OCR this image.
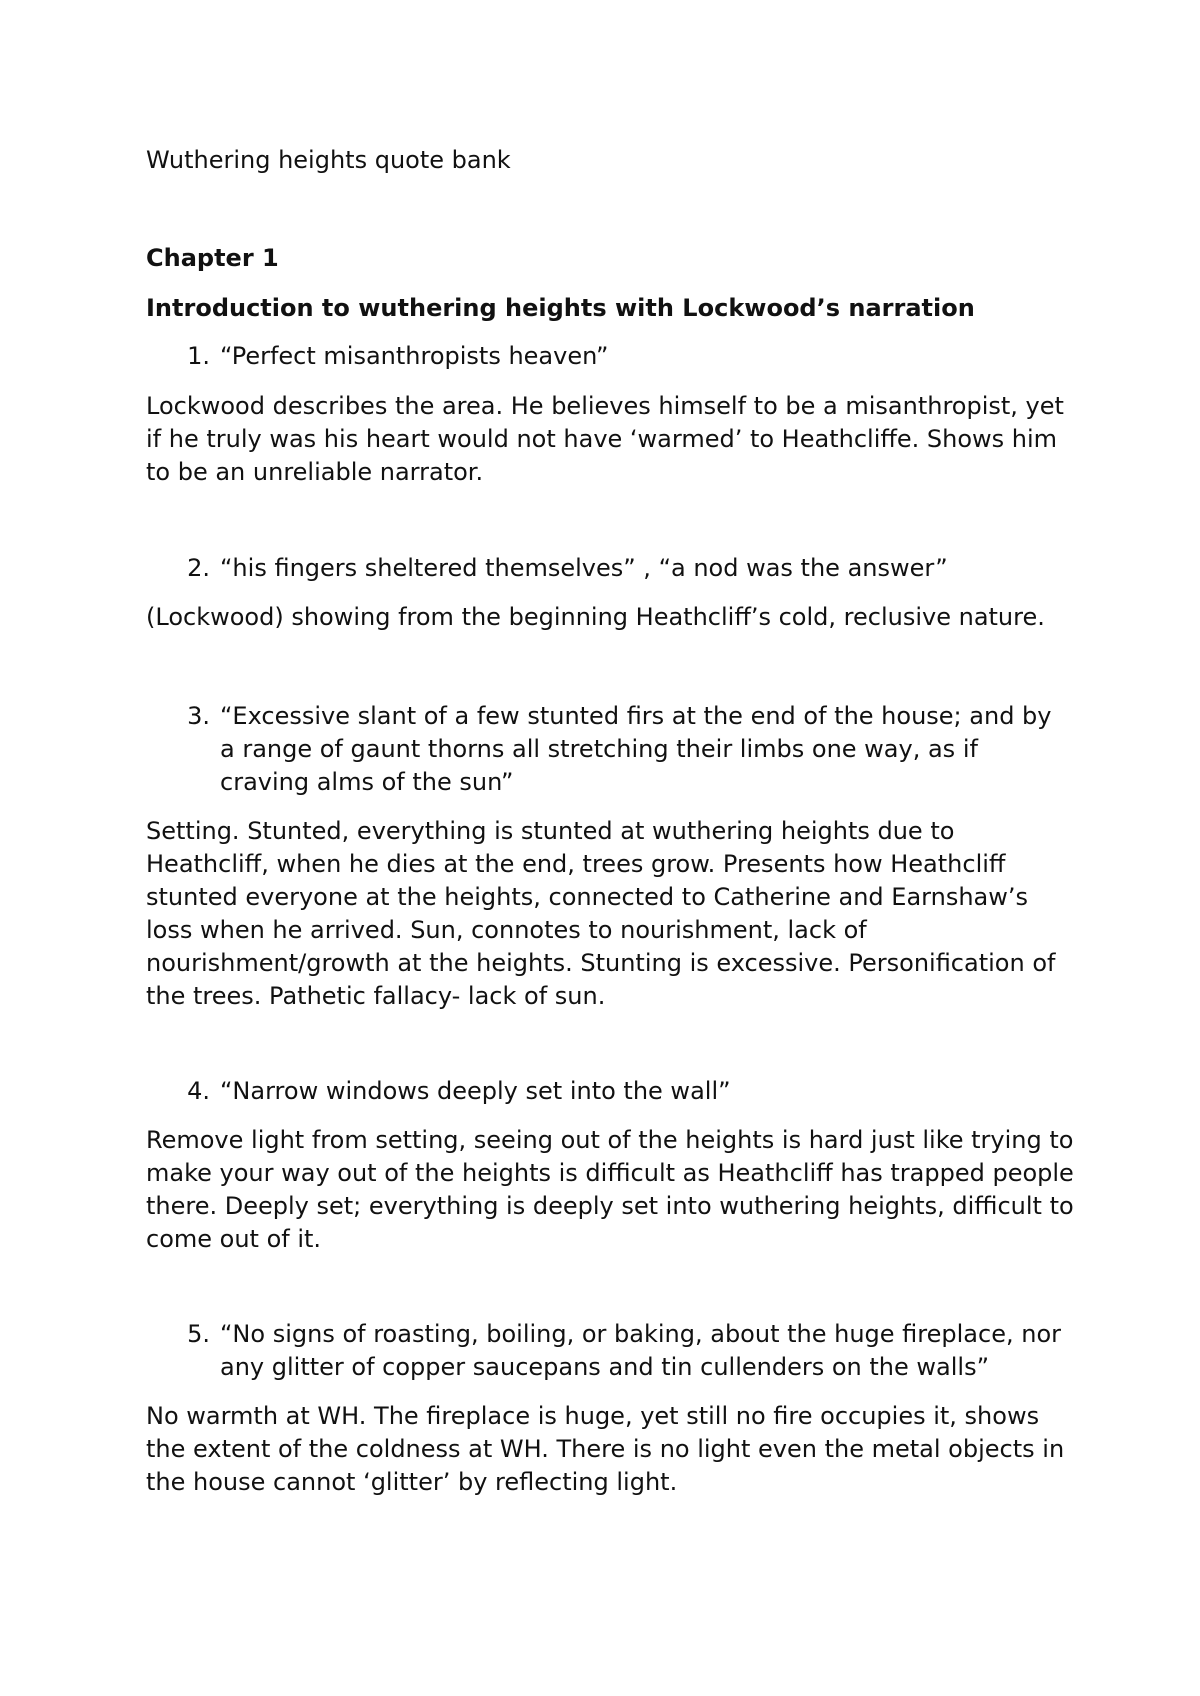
Wuthering heights quote bank

Chapter 1

Introduction to wuthering heights with Lockwood’s narration

1. “Perfect misanthropists heaven”

Lockwood describes the area. He believes himself to be a misanthropist, yet if he truly was his heart would not have ‘warmed’ to Heathcliffe. Shows him to be an unreliable narrator.

2. “his fingers sheltered themselves” , “a nod was the answer”

(Lockwood) showing from the beginning Heathcliff’s cold, reclusive nature.

3. “Excessive slant of a few stunted firs at the end of the house; and by a range of gaunt thorns all stretching their limbs one way, as if craving alms of the sun”

Setting. Stunted, everything is stunted at wuthering heights due to Heathcliff, when he dies at the end, trees grow. Presents how Heathcliff stunted everyone at the heights, connected to Catherine and Earnshaw’s loss when he arrived. Sun, connotes to nourishment, lack of nourishment/growth at the heights. Stunting is excessive. Personification of the trees. Pathetic fallacy- lack of sun.

4. “Narrow windows deeply set into the wall”

Remove light from setting, seeing out of the heights is hard just like trying to make your way out of the heights is difficult as Heathcliff has trapped people there. Deeply set; everything is deeply set into wuthering heights, difficult to come out of it.

5. “No signs of roasting, boiling, or baking, about the huge fireplace, nor any glitter of copper saucepans and tin cullenders on the walls”

No warmth at WH. The fireplace is huge, yet still no fire occupies it, shows the extent of the coldness at WH. There is no light even the metal objects in the house cannot ‘glitter’ by reflecting light.
